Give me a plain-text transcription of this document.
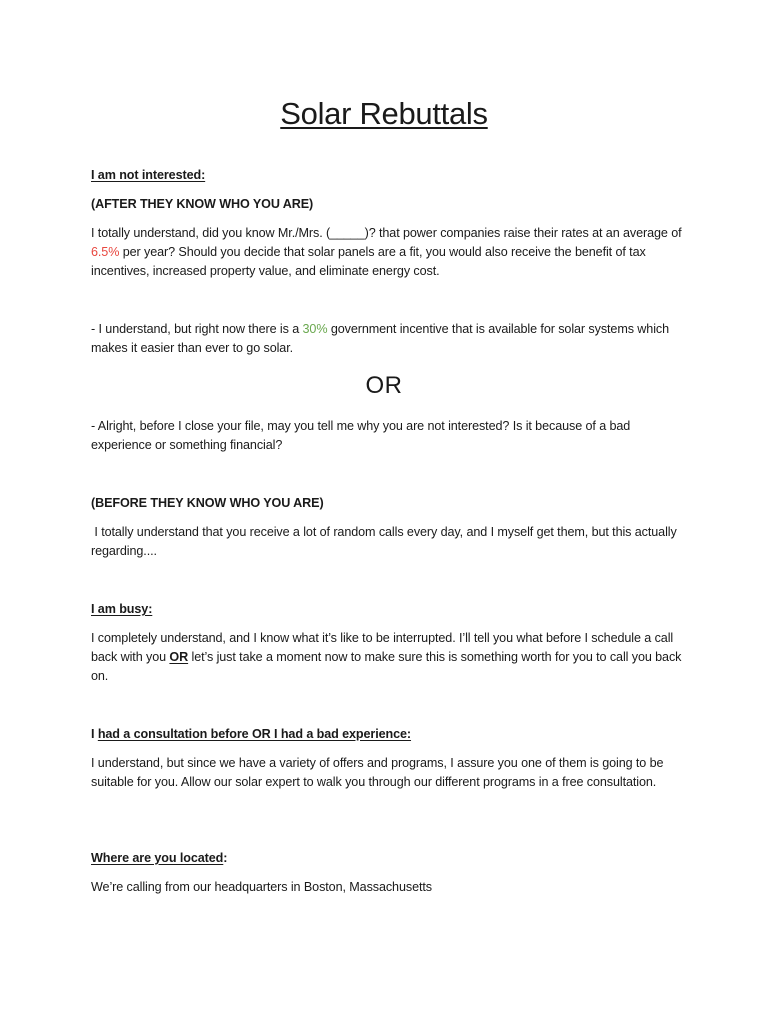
Solar Rebuttals
I am not interested:
(AFTER THEY KNOW WHO YOU ARE)
I totally understand, did you know Mr./Mrs. (_____)? that power companies raise their rates at an average of 6.5% per year? Should you decide that solar panels are a fit, you would also receive the benefit of tax incentives, increased property value, and eliminate energy cost.
- I understand, but right now there is a 30% government incentive that is available for solar systems which makes it easier than ever to go solar.
OR
- Alright, before I close your file, may you tell me why you are not interested? Is it because of a bad experience or something financial?
(BEFORE THEY KNOW WHO YOU ARE)
I totally understand that you receive a lot of random calls every day, and I myself get them, but this actually regarding....
I am busy:
I completely understand, and I know what it’s like to be interrupted. I’ll tell you what before I schedule a call back with you OR let’s just take a moment now to make sure this is something worth for you to call you back on.
I had a consultation before OR I had a bad experience:
I understand, but since we have a variety of offers and programs, I assure you one of them is going to be suitable for you. Allow our solar expert to walk you through our different programs in a free consultation.
Where are you located:
We’re calling from our headquarters in Boston, Massachusetts
